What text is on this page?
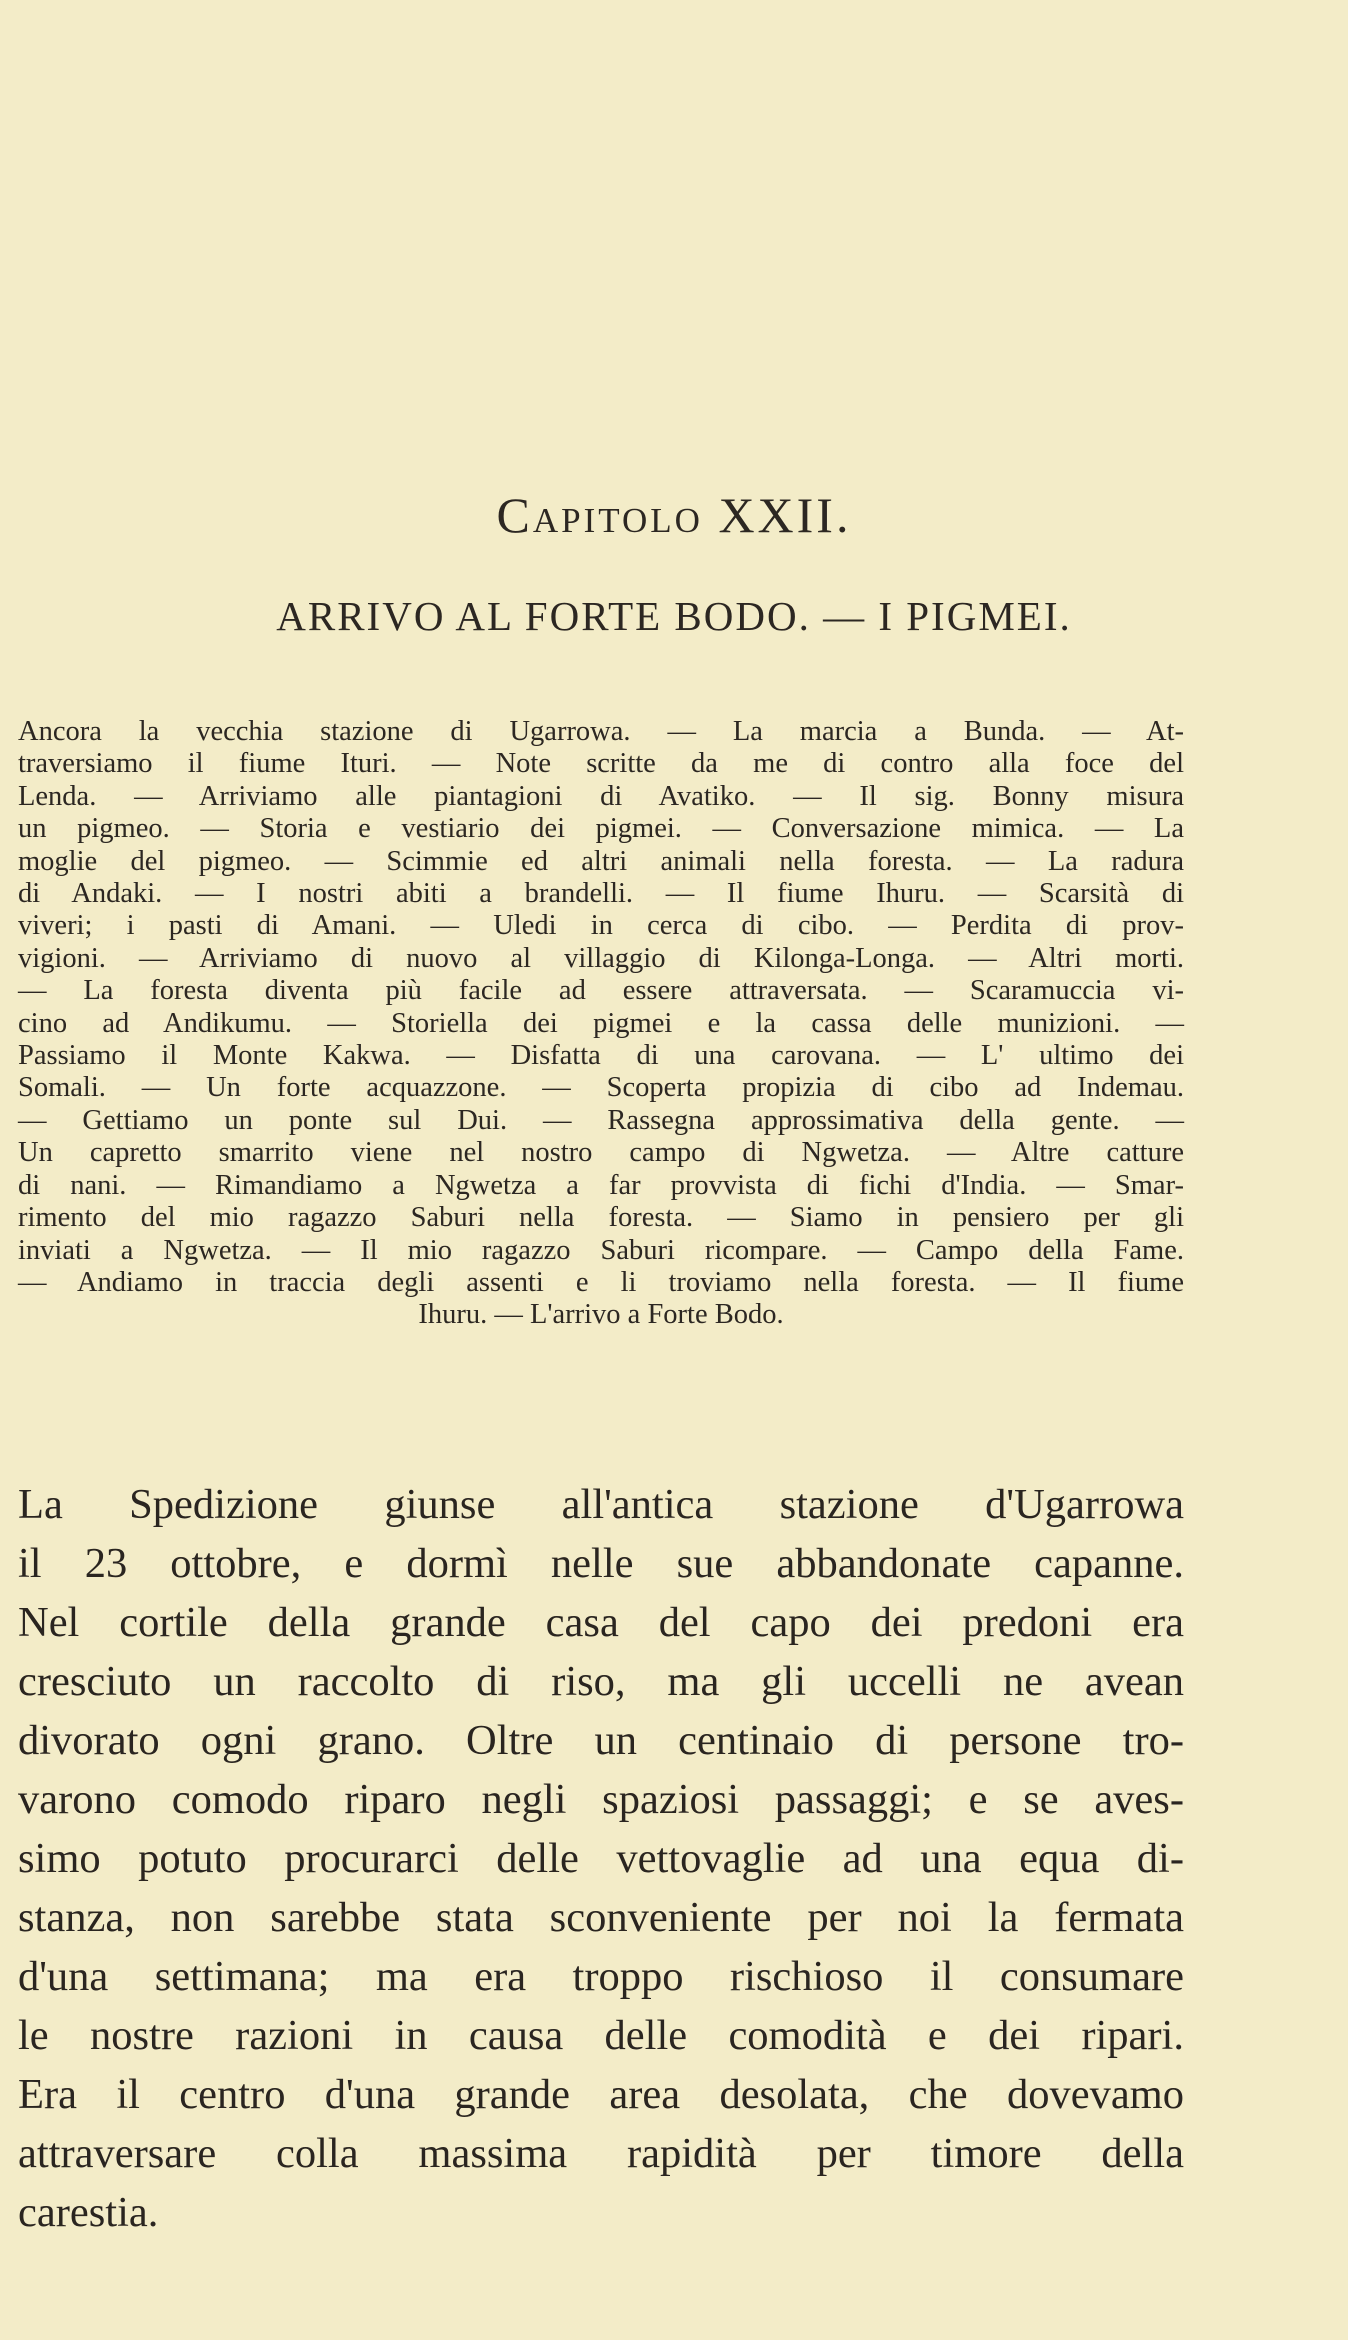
Capitolo XXII.
ARRIVO AL FORTE BODO. — I PIGMEI.
Ancora la vecchia stazione di Ugarrowa. — La marcia a Bunda. — At-
traversiamo il fiume Ituri. — Note scritte da me di contro alla foce del
Lenda. — Arriviamo alle piantagioni di Avatiko. — Il sig. Bonny misura
un pigmeo. — Storia e vestiario dei pigmei. — Conversazione mimica. — La
moglie del pigmeo. — Scimmie ed altri animali nella foresta. — La radura
di Andaki. — I nostri abiti a brandelli. — Il fiume Ihuru. — Scarsità di
viveri; i pasti di Amani. — Uledi in cerca di cibo. — Perdita di prov-
vigioni. — Arriviamo di nuovo al villaggio di Kilonga-Longa. — Altri morti.
— La foresta diventa più facile ad essere attraversata. — Scaramuccia vi-
cino ad Andikumu. — Storiella dei pigmei e la cassa delle munizioni. —
Passiamo il Monte Kakwa. — Disfatta di una carovana. — L' ultimo dei
Somali. — Un forte acquazzone. — Scoperta propizia di cibo ad Indemau.
— Gettiamo un ponte sul Dui. — Rassegna approssimativa della gente. —
Un capretto smarrito viene nel nostro campo di Ngwetza. — Altre catture
di nani. — Rimandiamo a Ngwetza a far provvista di fichi d'India. — Smar-
rimento del mio ragazzo Saburi nella foresta. — Siamo in pensiero per gli
inviati a Ngwetza. — Il mio ragazzo Saburi ricompare. — Campo della Fame.
— Andiamo in traccia degli assenti e li troviamo nella foresta. — Il fiume
Ihuru. — L'arrivo a Forte Bodo.
La Spedizione giunse all'antica stazione d'Ugarrowa
il 23 ottobre, e dormì nelle sue abbandonate capanne.
Nel cortile della grande casa del capo dei predoni era
cresciuto un raccolto di riso, ma gli uccelli ne avean
divorato ogni grano. Oltre un centinaio di persone tro-
varono comodo riparo negli spaziosi passaggi; e se aves-
simo potuto procurarci delle vettovaglie ad una equa di-
stanza, non sarebbe stata sconveniente per noi la fermata
d'una settimana; ma era troppo rischioso il consumare
le nostre razioni in causa delle comodità e dei ripari.
Era il centro d'una grande area desolata, che dovevamo
attraversare colla massima rapidità per timore della
carestia.
